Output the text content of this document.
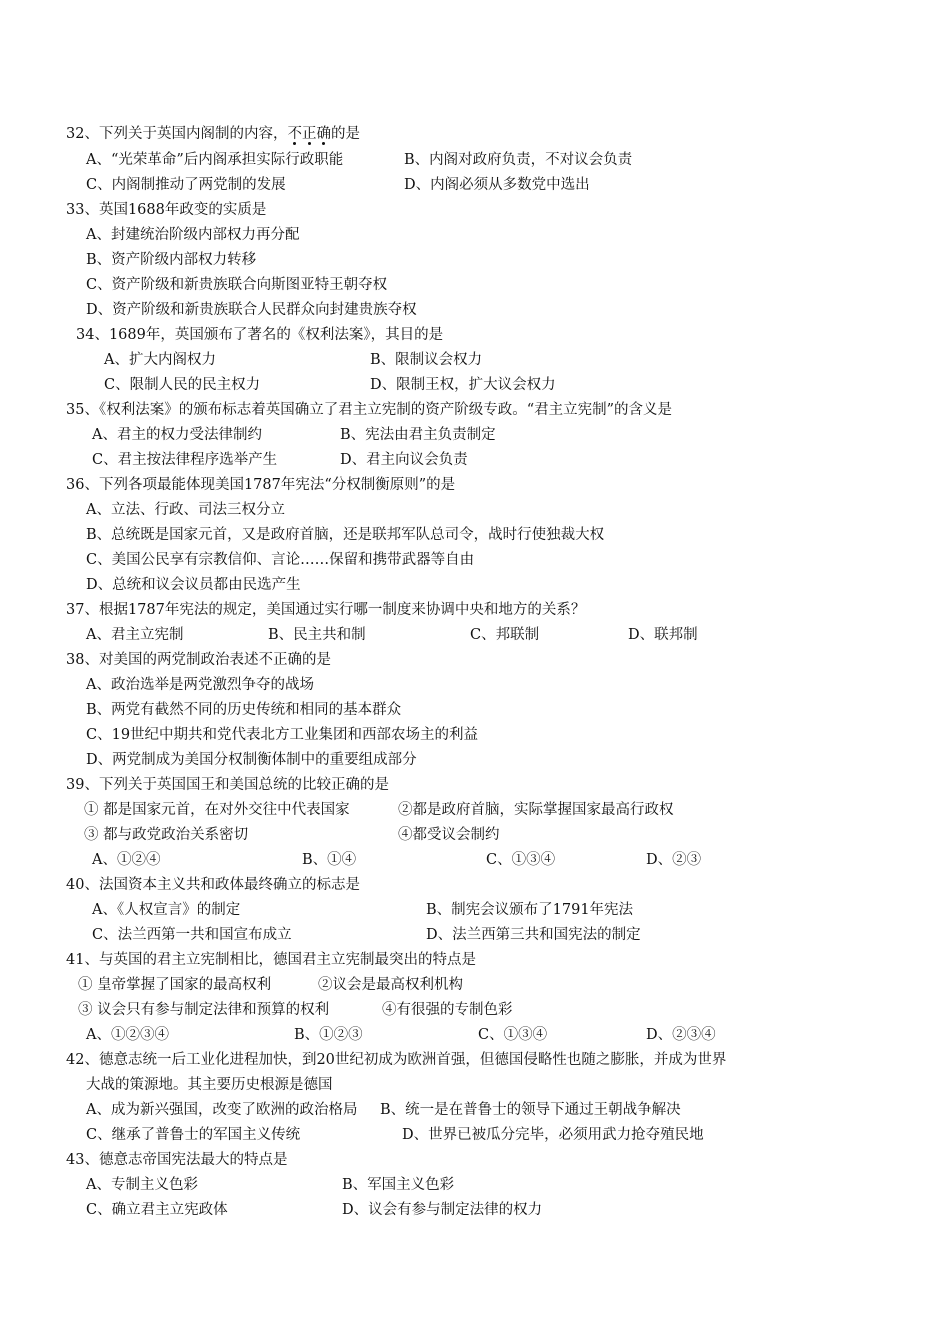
32、下列关于英国内阁制的内容，不正确的是
A、“光荣革命”后内阁承担实际行政职能	B、内阁对政府负责，不对议会负责
C、内阁制推动了两党制的发展	D、内阁必须从多数党中选出
33、英国1688年政变的实质是
A、封建统治阶级内部权力再分配
B、资产阶级内部权力转移
C、资产阶级和新贵族联合向斯图亚特王朝夺权
D、资产阶级和新贵族联合人民群众向封建贵族夺权
34、1689年，英国颁布了著名的《权利法案》，其目的是
A、扩大内阁权力	B、限制议会权力
C、限制人民的民主权力	D、限制王权，扩大议会权力
35、《权利法案》的颁布标志着英国确立了君主立宪制的资产阶级专政。“君主立宪制”的含义是
A、君主的权力受法律制约	B、宪法由君主负责制定
C、君主按法律程序选举产生	D、君主向议会负责
36、下列各项最能体现美国1787年宪法“分权制衡原则”的是
A、立法、行政、司法三权分立
B、总统既是国家元首，又是政府首脑，还是联邦军队总司令，战时行使独裁大权
C、美国公民享有宗教信仰、言论……保留和携带武器等自由
D、总统和议会议员都由民选产生
37、根据1787年宪法的规定，美国通过实行哪一制度来协调中央和地方的关系？
A、君主立宪制	B、民主共和制	C、邦联制	D、联邦制
38、对美国的两党制政治表述不正确的是
A、政治选举是两党激烈争夺的战场
B、两党有截然不同的历史传统和相同的基本群众
C、19世纪中期共和党代表北方工业集团和西部农场主的利益
D、两党制成为美国分权制衡体制中的重要组成部分
39、下列关于英国国王和美国总统的比较正确的是
① 都是国家元首，在对外交往中代表国家	②都是政府首脑，实际掌握国家最高行政权
③ 都与政党政治关系密切	④都受议会制约
A、①②④	B、①④	C、①③④	D、②③
40、法国资本主义共和政体最终确立的标志是
A、《人权宣言》的制定	B、制宪会议颁布了1791年宪法
C、法兰西第一共和国宣布成立	D、法兰西第三共和国宪法的制定
41、与英国的君主立宪制相比，德国君主立宪制最突出的特点是
① 皇帝掌握了国家的最高权利	②议会是最高权利机构
③ 议会只有参与制定法律和预算的权利	④有很强的专制色彩
A、①②③④	B、①②③	C、①③④	D、②③④
42、德意志统一后工业化进程加快，到20世纪初成为欧洲首强，但德国侵略性也随之膨胀，并成为世界
大战的策源地。其主要历史根源是德国
A、成为新兴强国，改变了欧洲的政治格局 B、统一是在普鲁士的领导下通过王朝战争解决
C、继承了普鲁士的军国主义传统	D、世界已被瓜分完毕，必须用武力抢夺殖民地
43、德意志帝国宪法最大的特点是
A、专制主义色彩	B、军国主义色彩
C、确立君主立宪政体	D、议会有参与制定法律的权力
